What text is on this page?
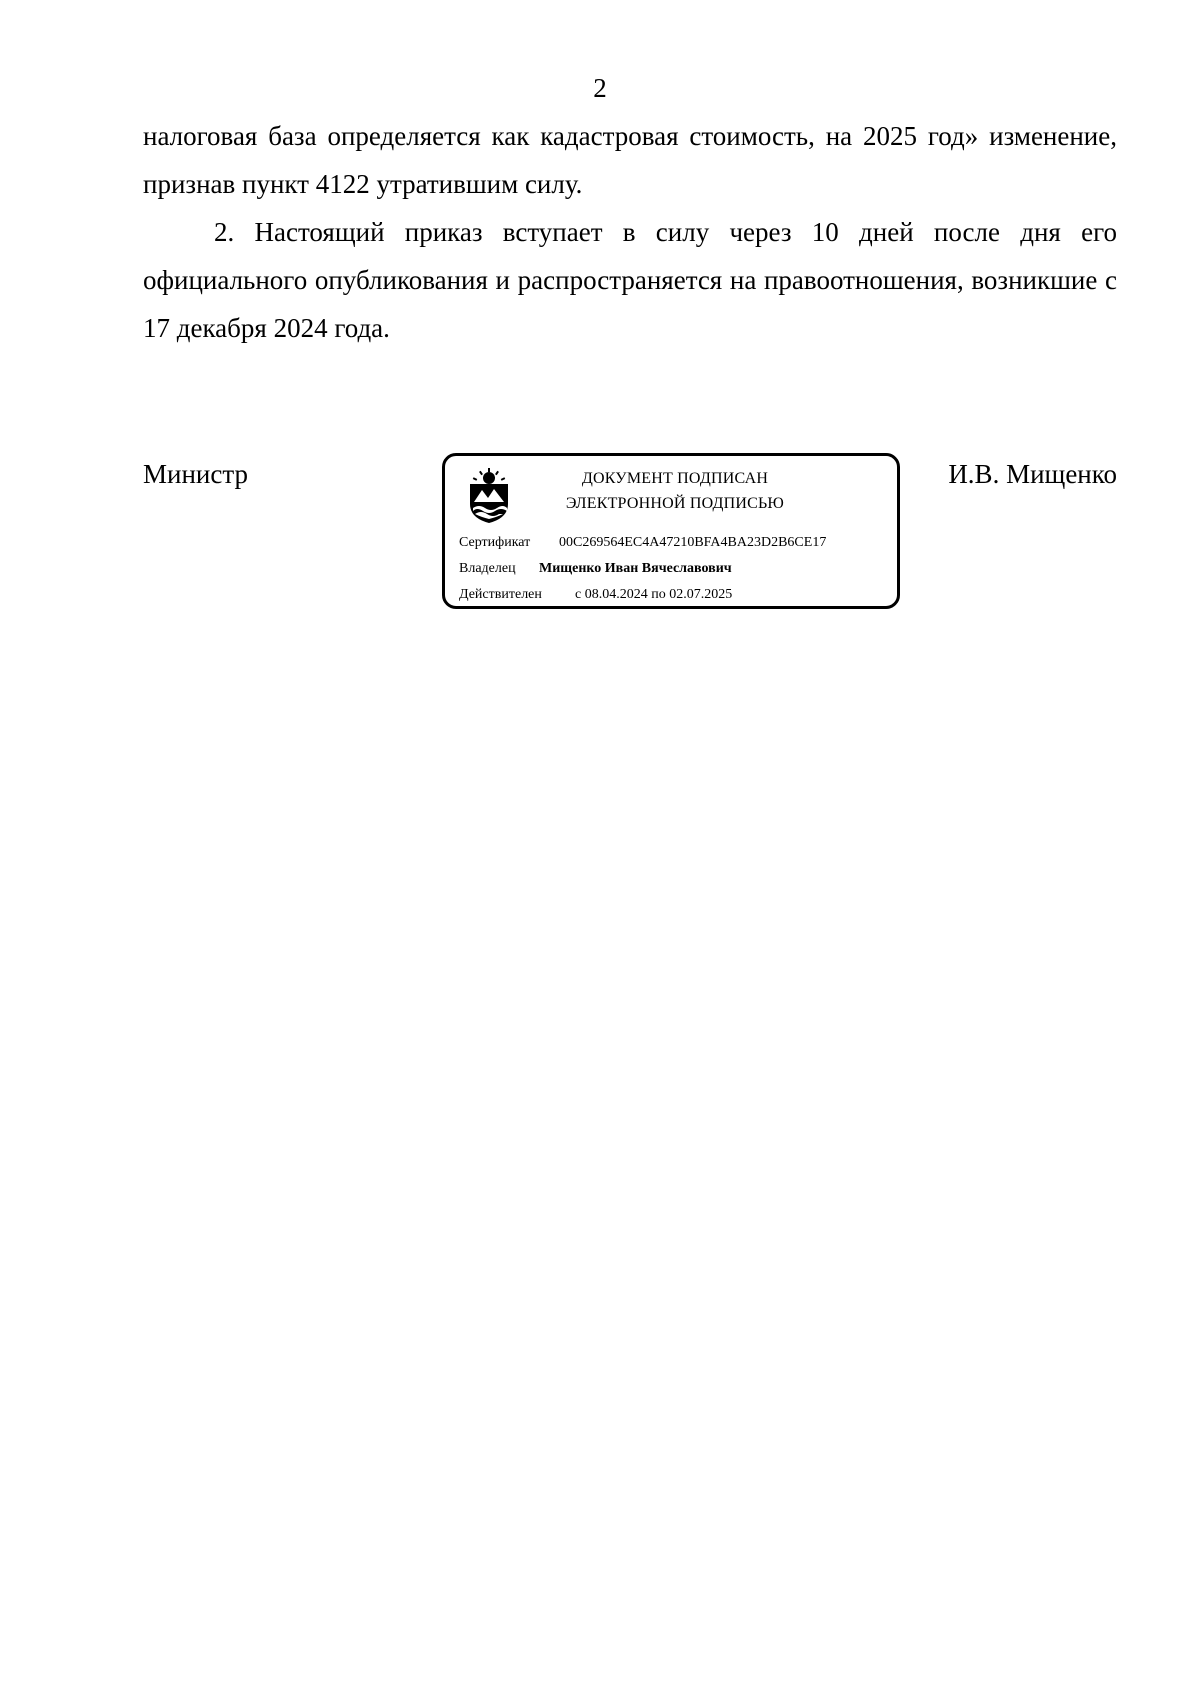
2

налоговая база определяется как кадастровая стоимость, на 2025 год» изменение, признав пункт 4122 утратившим силу.

2. Настоящий приказ вступает в силу через 10 дней после дня его официального опубликования и распространяется на правоотношения, возникшие с 17 декабря 2024 года.

Министр	И.В. Мищенко
ДОКУМЕНТ ПОДПИСАН
ЭЛЕКТРОННОЙ ПОДПИСЬЮ
Сертификат 00C269564EC4A47210BFA4BA23D2B6CE17
Владелец Мищенко Иван Вячеславович
Действителен с 08.04.2024 по 02.07.2025
